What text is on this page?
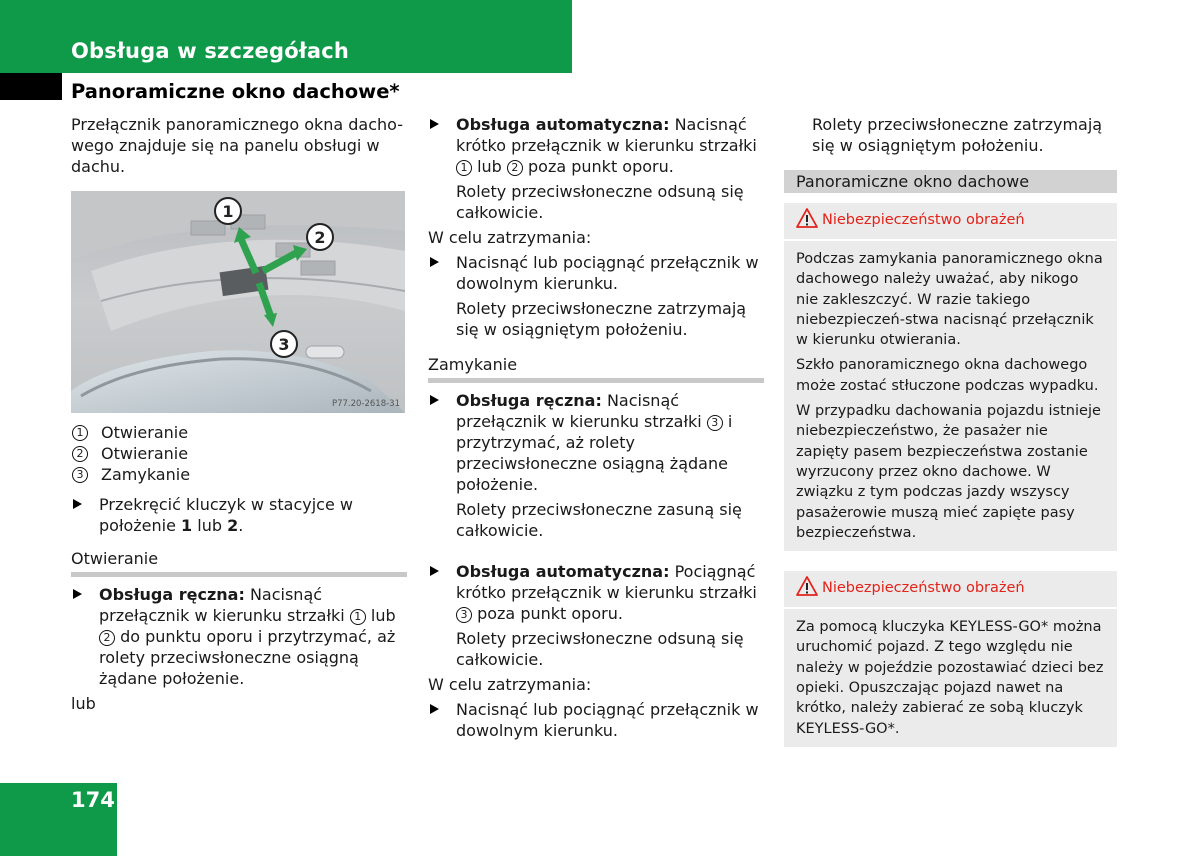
Obsługa w szczegółach
Panoramiczne okno dachowe*

Przełącznik panoramicznego okna dacho-wego znajduje się na panelu obsługi w dachu.

1
2
3
P77.20-2618-31
1 Otwieranie
2 Otwieranie
3 Zamykanie
Przekręcić kluczyk w stacyjce w położenie 1 lub 2.

Otwieranie

Obsługa ręczna: Nacisnąć przełącznik w kierunku strzałki 1 lub 2 do punktu oporu i przytrzymać, aż rolety przeciwsłoneczne osiągną żądane położenie.

lub

Obsługa automatyczna: Nacisnąć krótko przełącznik w kierunku strzałki 1 lub 2 poza punkt oporu.

Rolety przeciwsłoneczne odsuną się całkowicie.

W celu zatrzymania:

Nacisnąć lub pociągnąć przełącznik w dowolnym kierunku.

Rolety przeciwsłoneczne zatrzymają się w osiągniętym położeniu.

Zamykanie

Obsługa ręczna: Nacisnąć przełącznik w kierunku strzałki 3 i przytrzymać, aż rolety przeciwsłoneczne osiągną żądane położenie.

Rolety przeciwsłoneczne zasuną się całkowicie.

Obsługa automatyczna: Pociągnąć krótko przełącznik w kierunku strzałki 3 poza punkt oporu.

Rolety przeciwsłoneczne odsuną się całkowicie.

W celu zatrzymania:

Nacisnąć lub pociągnąć przełącznik w dowolnym kierunku.

Rolety przeciwsłoneczne zatrzymają się w osiągniętym położeniu.

Panoramiczne okno dachowe
Niebezpieczeństwo obrażeń

Podczas zamykania panoramicznego okna dachowego należy uważać, aby nikogo nie zakleszczyć. W razie takiego niebezpieczeń-stwa nacisnąć przełącznik w kierunku otwierania.

Szkło panoramicznego okna dachowego może zostać stłuczone podczas wypadku.

W przypadku dachowania pojazdu istnieje niebezpieczeństwo, że pasażer nie zapięty pasem bezpieczeństwa zostanie wyrzucony przez okno dachowe. W związku z tym podczas jazdy wszyscy pasażerowie muszą mieć zapięte pasy bezpieczeństwa.

Niebezpieczeństwo obrażeń

Za pomocą kluczyka KEYLESS-GO* można uruchomić pojazd. Z tego względu nie należy w pojeździe pozostawiać dzieci bez opieki. Opuszczając pojazd nawet na krótko, należy zabierać ze sobą kluczyk KEYLESS-GO*.

174
